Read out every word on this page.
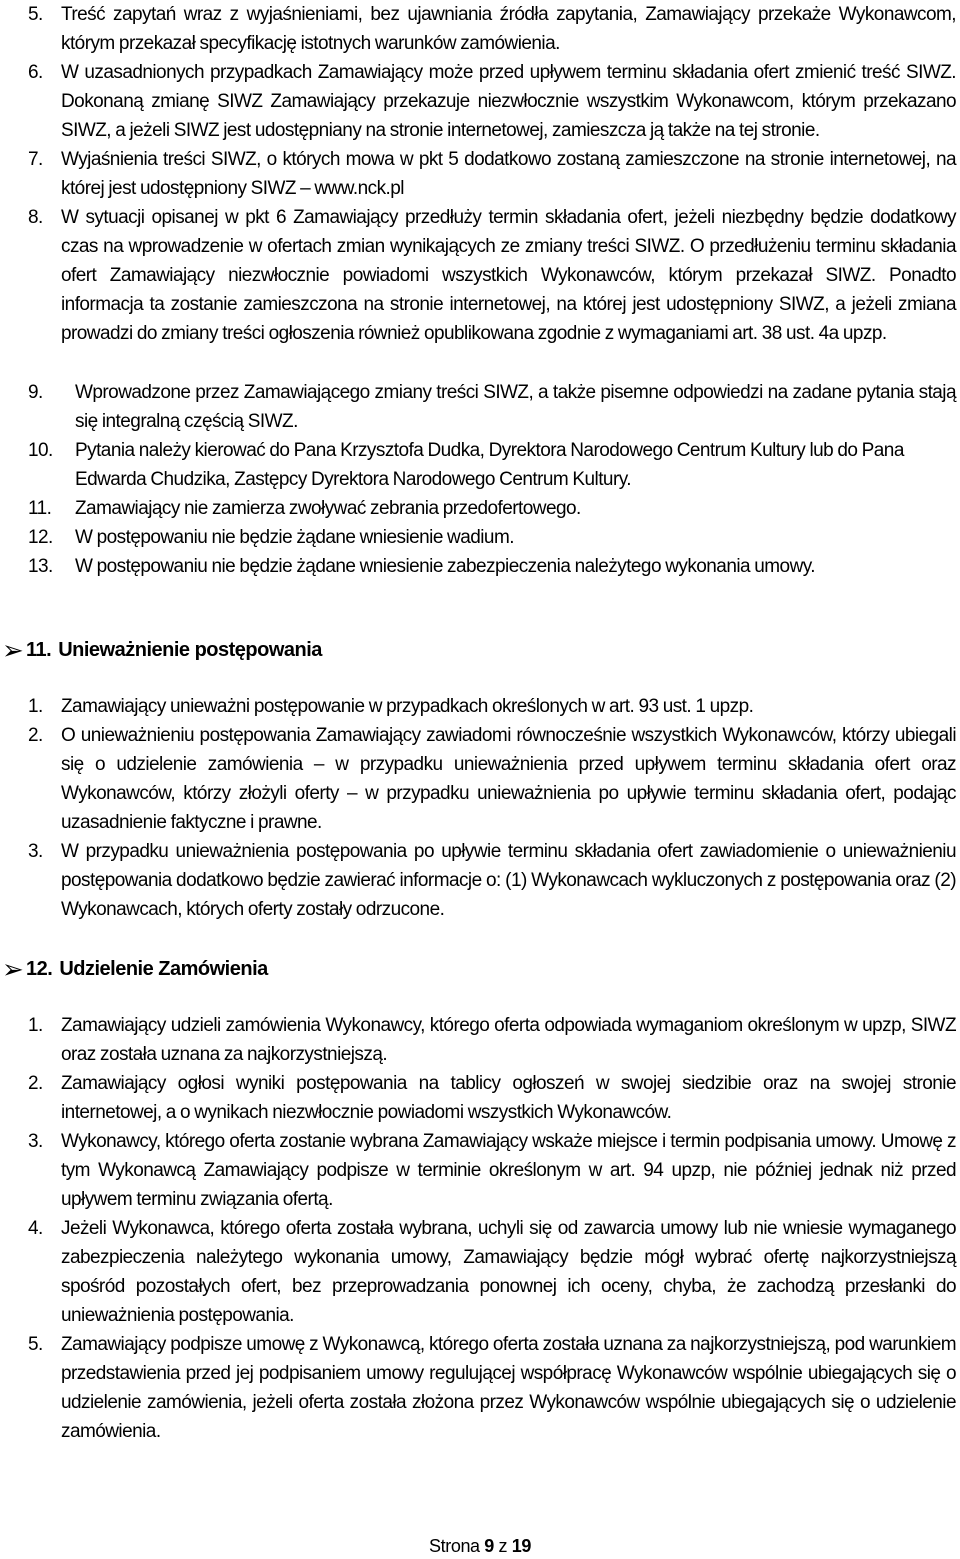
5. Treść zapytań wraz z wyjaśnieniami, bez ujawniania źródła zapytania, Zamawiający przekaże Wykonawcom, którym przekazał specyfikację istotnych warunków zamówienia.
6. W uzasadnionych przypadkach Zamawiający może przed upływem terminu składania ofert zmienić treść SIWZ. Dokonaną zmianę SIWZ Zamawiający przekazuje niezwłocznie wszystkim Wykonawcom, którym przekazano SIWZ, a jeżeli SIWZ jest udostępniany na stronie internetowej, zamieszcza ją także na tej stronie.
7. Wyjaśnienia treści SIWZ, o których mowa w pkt 5 dodatkowo zostaną zamieszczone na stronie internetowej, na której jest udostępniony SIWZ – www.nck.pl
8. W sytuacji opisanej w pkt 6 Zamawiający przedłuży termin składania ofert, jeżeli niezbędny będzie dodatkowy czas na wprowadzenie w ofertach zmian wynikających ze zmiany treści SIWZ. O przedłużeniu terminu składania ofert Zamawiający niezwłocznie powiadomi wszystkich Wykonawców, którym przekazał SIWZ. Ponadto informacja ta zostanie zamieszczona na stronie internetowej, na której jest udostępniony SIWZ, a jeżeli zmiana prowadzi do zmiany treści ogłoszenia również opublikowana zgodnie z wymaganiami art. 38 ust. 4a upzp.
9.	Wprowadzone przez Zamawiającego zmiany treści SIWZ, a także pisemne odpowiedzi na zadane pytania stają się integralną częścią SIWZ.
10.	Pytania należy kierować do Pana Krzysztofa Dudka, Dyrektora Narodowego Centrum Kultury lub do Pana Edwarda Chudzika, Zastępcy Dyrektora Narodowego Centrum Kultury.
11.	Zamawiający nie zamierza zwoływać zebrania przedofertowego.
12.	W postępowaniu nie będzie żądane wniesienie wadium.
13.	W postępowaniu nie będzie żądane wniesienie zabezpieczenia należytego wykonania umowy.
➢ 11. Unieważnienie postępowania
1. Zamawiający unieważni postępowanie w przypadkach określonych w art. 93 ust. 1 upzp.
2. O unieważnieniu postępowania Zamawiający zawiadomi równocześnie wszystkich Wykonawców, którzy ubiegali się o udzielenie zamówienia – w przypadku unieważnienia przed upływem terminu składania ofert oraz Wykonawców, którzy złożyli oferty – w przypadku unieważnienia po upływie terminu składania ofert, podając uzasadnienie faktyczne i prawne.
3. W przypadku unieważnienia postępowania po upływie terminu składania ofert zawiadomienie o unieważnieniu postępowania dodatkowo będzie zawierać informacje o: (1) Wykonawcach wykluczonych z postępowania oraz (2) Wykonawcach, których oferty zostały odrzucone.
➢ 12. Udzielenie Zamówienia
1. Zamawiający udzieli zamówienia Wykonawcy, którego oferta odpowiada wymaganiom określonym w upzp, SIWZ oraz została uznana za najkorzystniejszą.
2. Zamawiający ogłosi wyniki postępowania na tablicy ogłoszeń w swojej siedzibie oraz na swojej stronie internetowej, a o wynikach niezwłocznie powiadomi wszystkich Wykonawców.
3. Wykonawcy, którego oferta zostanie wybrana Zamawiający wskaże miejsce i termin podpisania umowy. Umowę z tym Wykonawcą Zamawiający podpisze w terminie określonym w art. 94 upzp, nie później jednak niż przed upływem terminu związania ofertą.
4. Jeżeli Wykonawca, którego oferta została wybrana, uchyli się od zawarcia umowy lub nie wniesie wymaganego zabezpieczenia należytego wykonania umowy, Zamawiający będzie mógł wybrać ofertę najkorzystniejszą spośród pozostałych ofert, bez przeprowadzania ponownej ich oceny, chyba, że zachodzą przesłanki do unieważnienia postępowania.
5. Zamawiający podpisze umowę z Wykonawcą, którego oferta została uznana za najkorzystniejszą, pod warunkiem przedstawienia przed jej podpisaniem umowy regulującej współpracę Wykonawców wspólnie ubiegających się o udzielenie zamówienia, jeżeli oferta została złożona przez Wykonawców wspólnie ubiegających się o udzielenie zamówienia.
Strona 9 z 19
